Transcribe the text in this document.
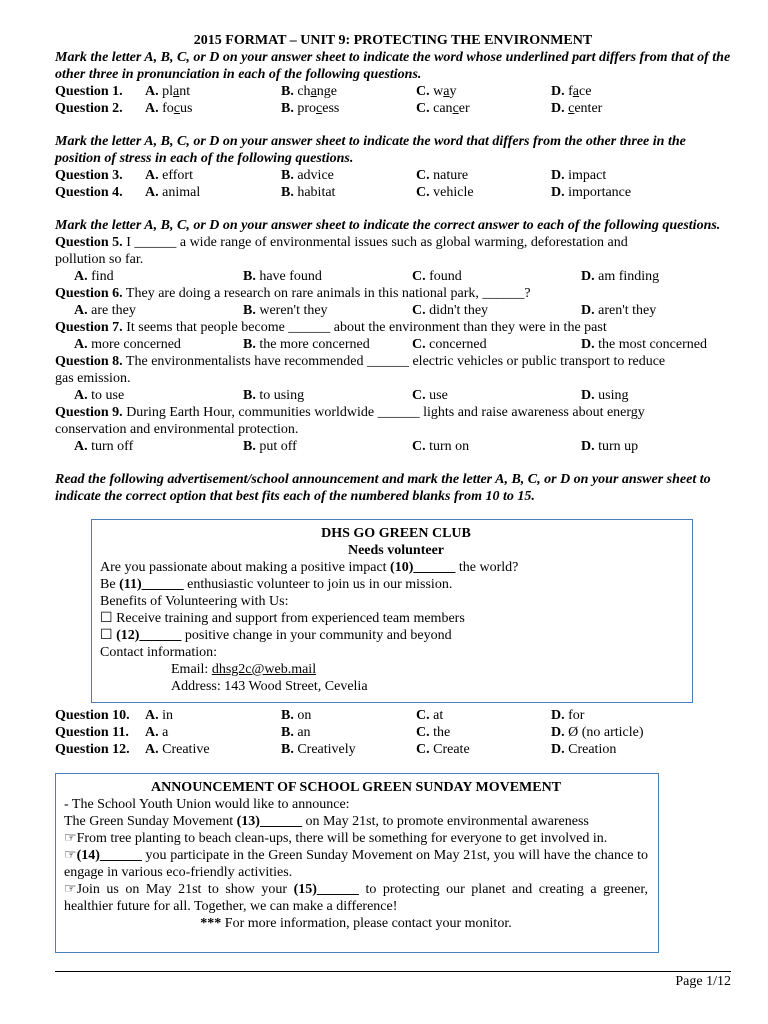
2015 FORMAT – UNIT 9: PROTECTING THE ENVIRONMENT
Mark the letter A, B, C, or D on your answer sheet to indicate the word whose underlined part differs from that of the other three in pronunciation in each of the following questions.
Question 1.	A. plant	B. change	C. way	D. face
Question 2.	A. focus	B. process	C. cancer	D. center
Mark the letter A, B, C, or D on your answer sheet to indicate the word that differs from the other three in the position of stress in each of the following questions.
Question 3.	A. effort	B. advice	C. nature	D. impact
Question 4.	A. animal	B. habitat	C. vehicle	D. importance
Mark the letter A, B, C, or D on your answer sheet to indicate the correct answer to each of the following questions.
Question 5. I ______ a wide range of environmental issues such as global warming, deforestation and
pollution so far.
A. find	B. have found	C. found	D. am finding
Question 6. They are doing a research on rare animals in this national park, ______?
A. are they	B. weren't they	C. didn't they	D. aren't they
Question 7. It seems that people become ______ about the environment than they were in the past
A. more concerned	B. the more concerned	C. concerned	D. the most concerned
Question 8. The environmentalists have recommended ______ electric vehicles or public transport to reduce
gas emission.
A. to use	B. to using	C. use	D. using
Question 9. During Earth Hour, communities worldwide ______ lights and raise awareness about energy
conservation and environmental protection.
A. turn off	B. put off	C. turn on	D. turn up
Read the following advertisement/school announcement and mark the letter A, B, C, or D on your answer sheet to indicate the correct option that best fits each of the numbered blanks from 10 to 15.
DHS GO GREEN CLUB
Needs volunteer
Are you passionate about making a positive impact (10)______ the world?
Be (11)______ enthusiastic volunteer to join us in our mission.
Benefits of Volunteering with Us:
☐ Receive training and support from experienced team members
☐ (12)______ positive change in your community and beyond
Contact information:
Email: dhsg2c@web.mail
Address: 143 Wood Street, Cevelia
Question 10.	A. in	B. on	C. at	D. for
Question 11.	A. a	B. an	C. the	D. Ø (no article)
Question 12.	A. Creative	B. Creatively	C. Create	D. Creation
ANNOUNCEMENT OF SCHOOL GREEN SUNDAY MOVEMENT
- The School Youth Union would like to announce:
The Green Sunday Movement (13)______ on May 21st, to promote environmental awareness
☞From tree planting to beach clean-ups, there will be something for everyone to get involved in.
☞(14)______ you participate in the Green Sunday Movement on May 21st, you will have the chance to engage in various eco-friendly activities.
☞Join us on May 21st to show your (15)______ to protecting our planet and creating a greener, healthier future for all. Together, we can make a difference!
*** For more information, please contact your monitor.
Page 1/12
